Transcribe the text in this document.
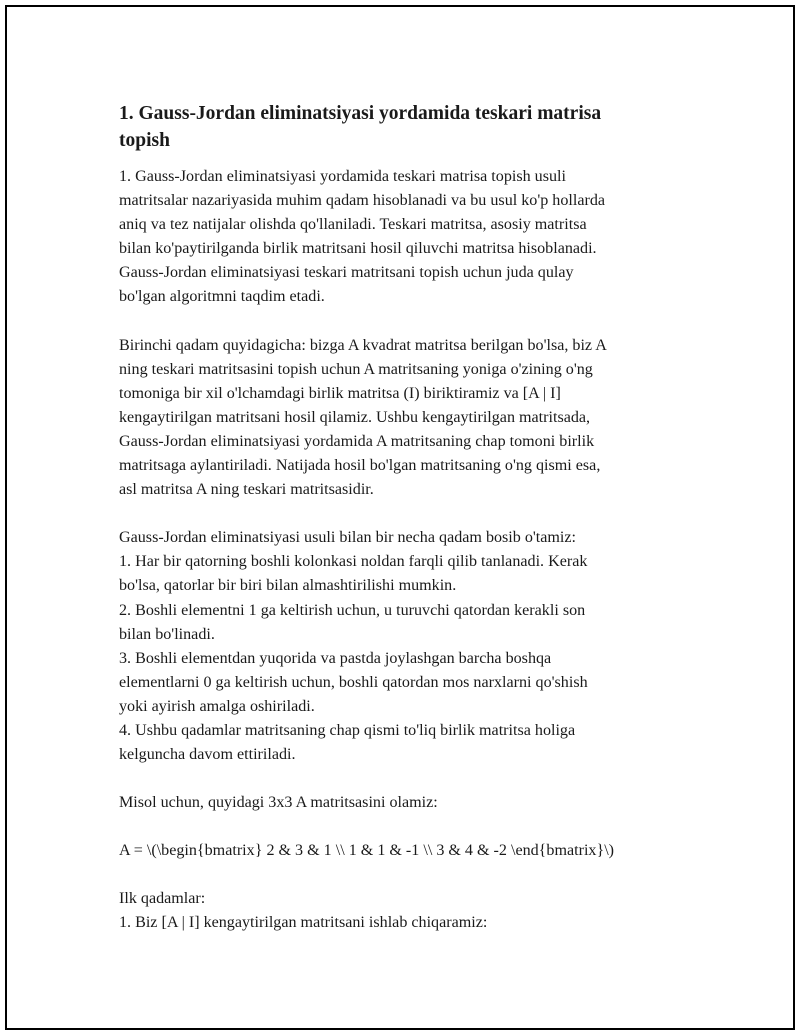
1. Gauss-Jordan eliminatsiyasi yordamida teskari matrisa
topish

1. Gauss-Jordan eliminatsiyasi yordamida teskari matrisa topish usuli
matritsalar nazariyasida muhim qadam hisoblanadi va bu usul ko'p hollarda
aniq va tez natijalar olishda qo'llaniladi. Teskari matritsa, asosiy matritsa
bilan ko'paytirilganda birlik matritsani hosil qiluvchi matritsa hisoblanadi.
Gauss-Jordan eliminatsiyasi teskari matritsani topish uchun juda qulay
bo'lgan algoritmni taqdim etadi.

Birinchi qadam quyidagicha: bizga A kvadrat matritsa berilgan bo'lsa, biz A
ning teskari matritsasini topish uchun A matritsaning yoniga o'zining o'ng
tomoniga bir xil o'lchamdagi birlik matritsa (I) biriktiramiz va [A | I]
kengaytirilgan matritsani hosil qilamiz. Ushbu kengaytirilgan matritsada,
Gauss-Jordan eliminatsiyasi yordamida A matritsaning chap tomoni birlik
matritsaga aylantiriladi. Natijada hosil bo'lgan matritsaning o'ng qismi esa,
asl matritsa A ning teskari matritsasidir.

Gauss-Jordan eliminatsiyasi usuli bilan bir necha qadam bosib o'tamiz:
1. Har bir qatorning boshli kolonkasi noldan farqli qilib tanlanadi. Kerak
bo'lsa, qatorlar bir biri bilan almashtirilishi mumkin.
2. Boshli elementni 1 ga keltirish uchun, u turuvchi qatordan kerakli son
bilan bo'linadi.
3. Boshli elementdan yuqorida va pastda joylashgan barcha boshqa
elementlarni 0 ga keltirish uchun, boshli qatordan mos narxlarni qo'shish
yoki ayirish amalga oshiriladi.
4. Ushbu qadamlar matritsaning chap qismi to'liq birlik matritsa holiga
kelguncha davom ettiriladi.

Misol uchun, quyidagi 3x3 A matritsasini olamiz:

A = \(\begin{bmatrix} 2 & 3 & 1 \\ 1 & 1 & -1 \\ 3 & 4 & -2 \end{bmatrix}\)

Ilk qadamlar:
1. Biz [A | I] kengaytirilgan matritsani ishlab chiqaramiz:
